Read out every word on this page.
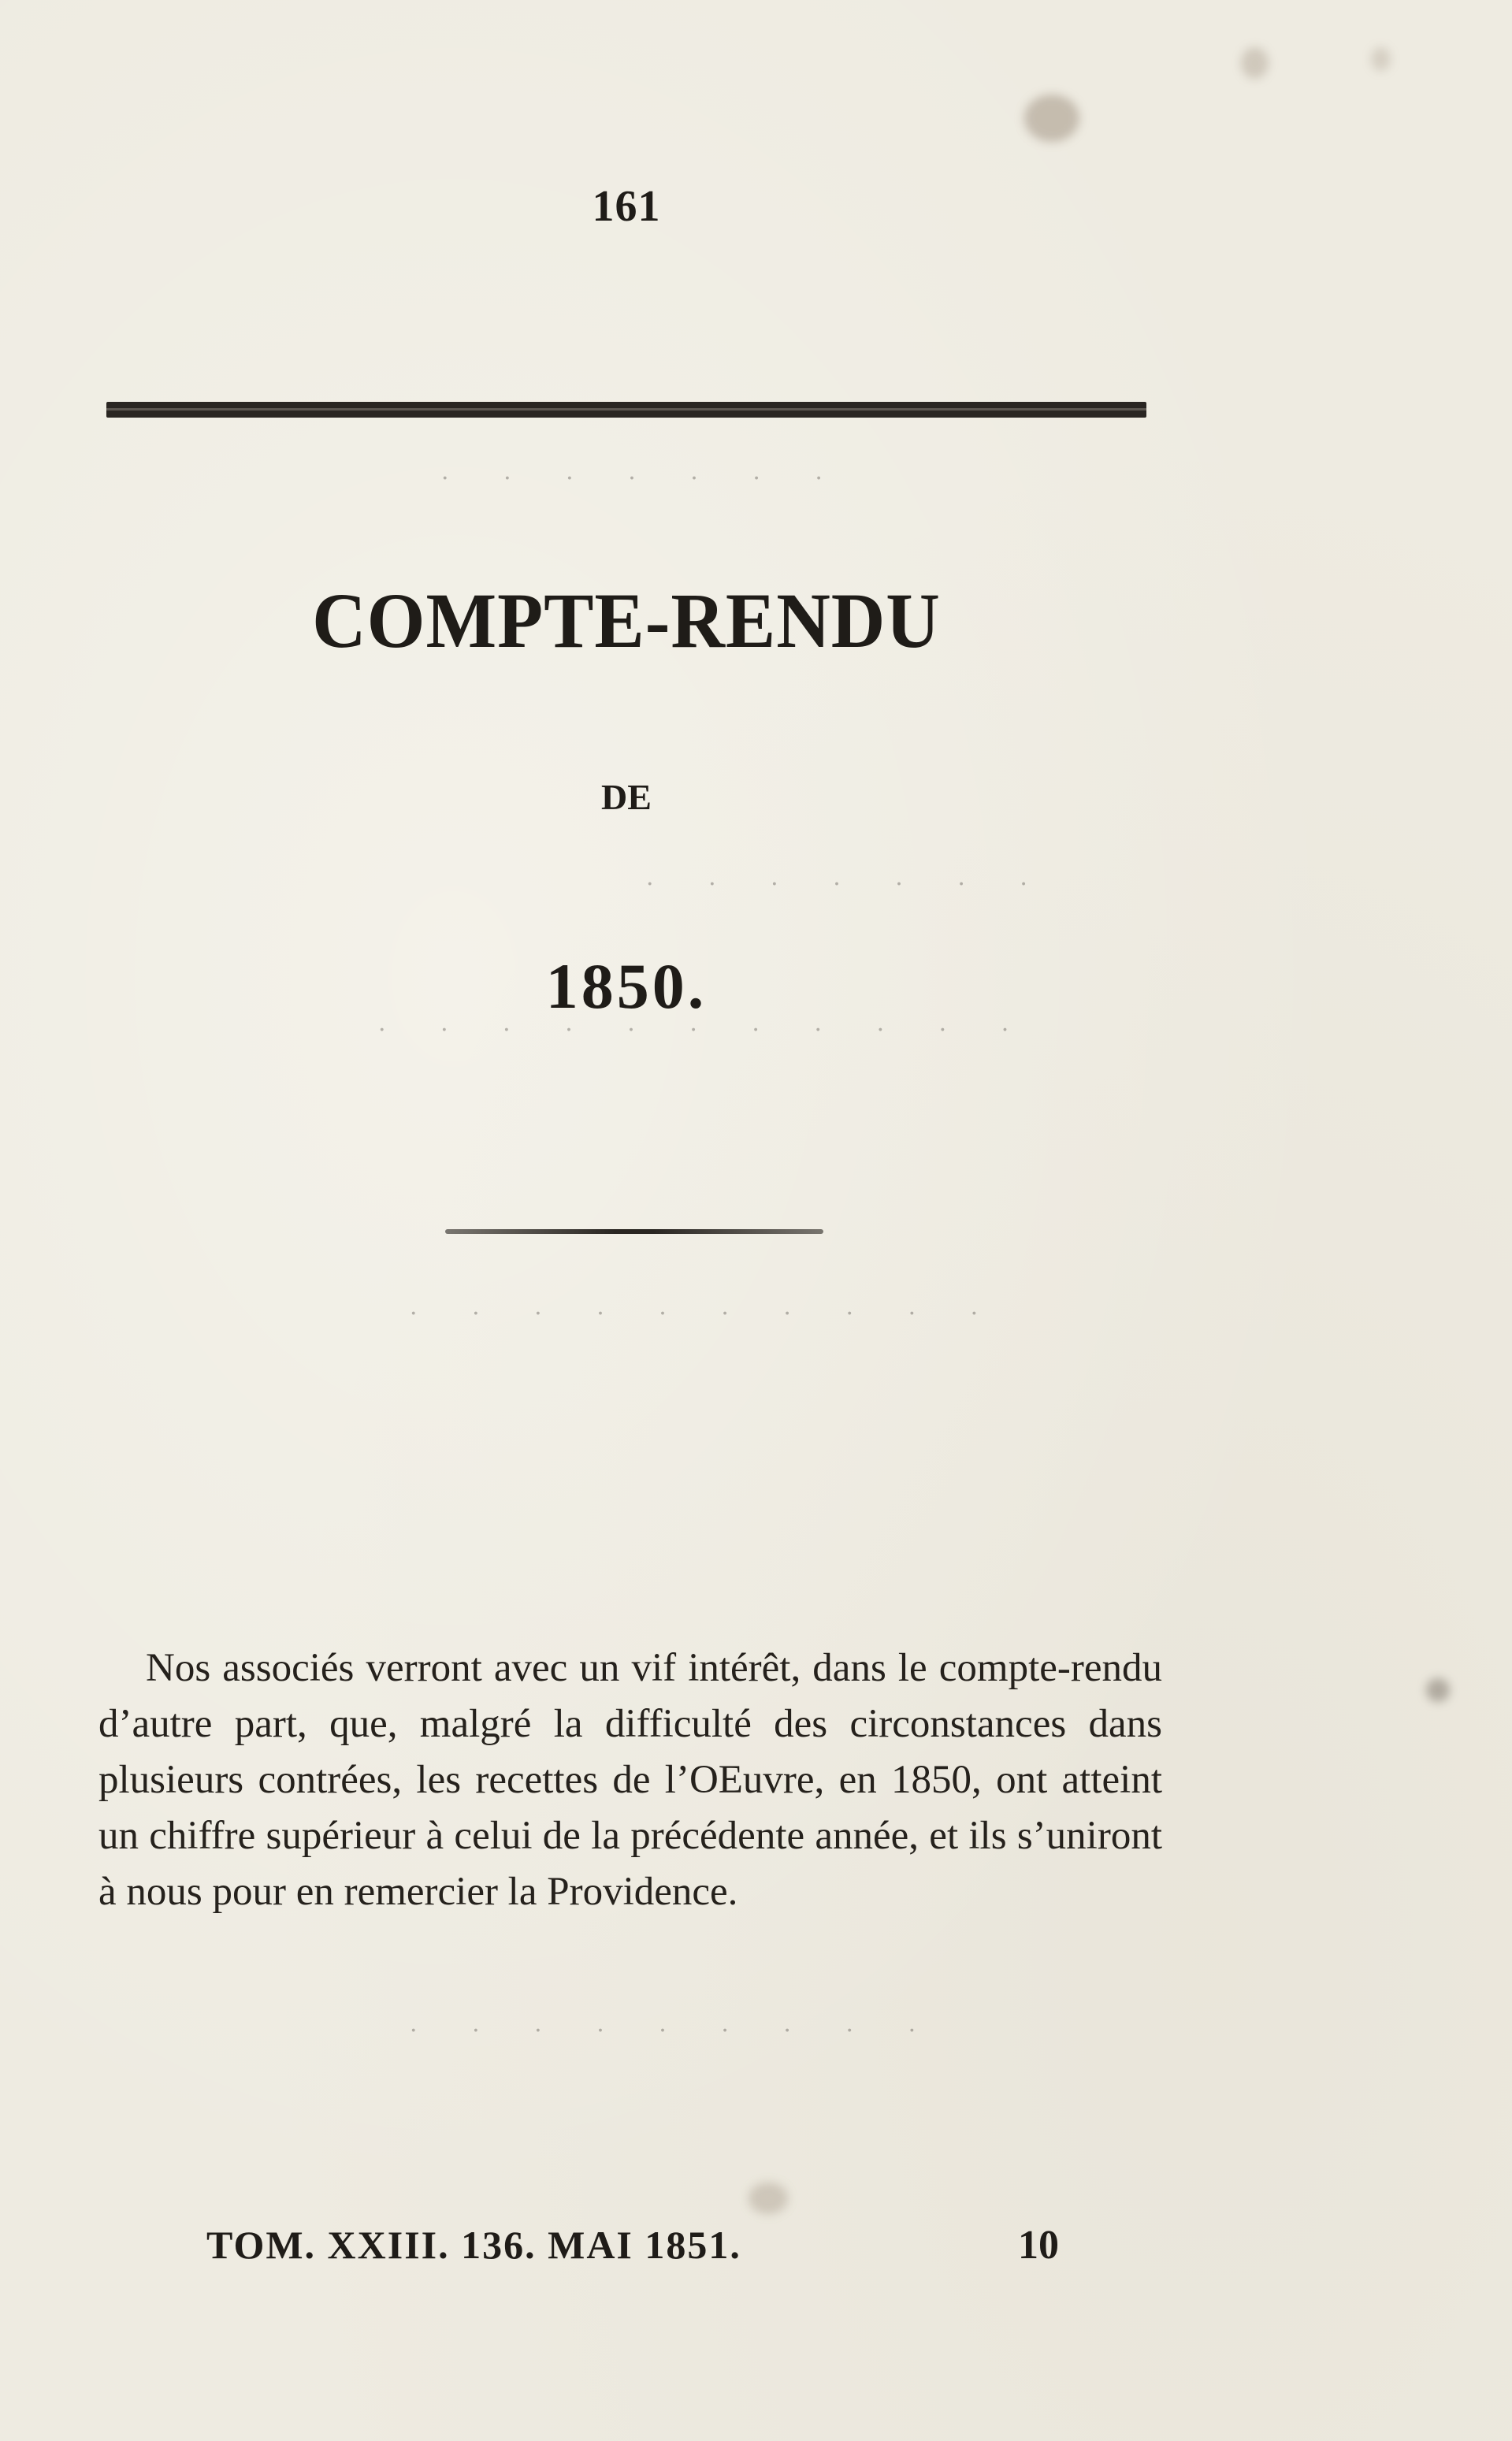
· · · · · · ·
· · · · · · ·
· · · · · · · · · · ·
· · · · · · · · · ·
· · · · · · · · ·
161
COMPTE-RENDU
DE
1850.
Nos associés verront avec un vif intérêt, dans le compte-rendu d’autre part, que, malgré la difficulté des circonstances dans plusieurs contrées, les recettes de l’OEuvre, en 1850, ont atteint un chiffre supérieur à celui de la précédente année, et ils s’uniront à nous pour en remercier la Providence.
TOM. XXIII. 136. MAI 1851.	10
